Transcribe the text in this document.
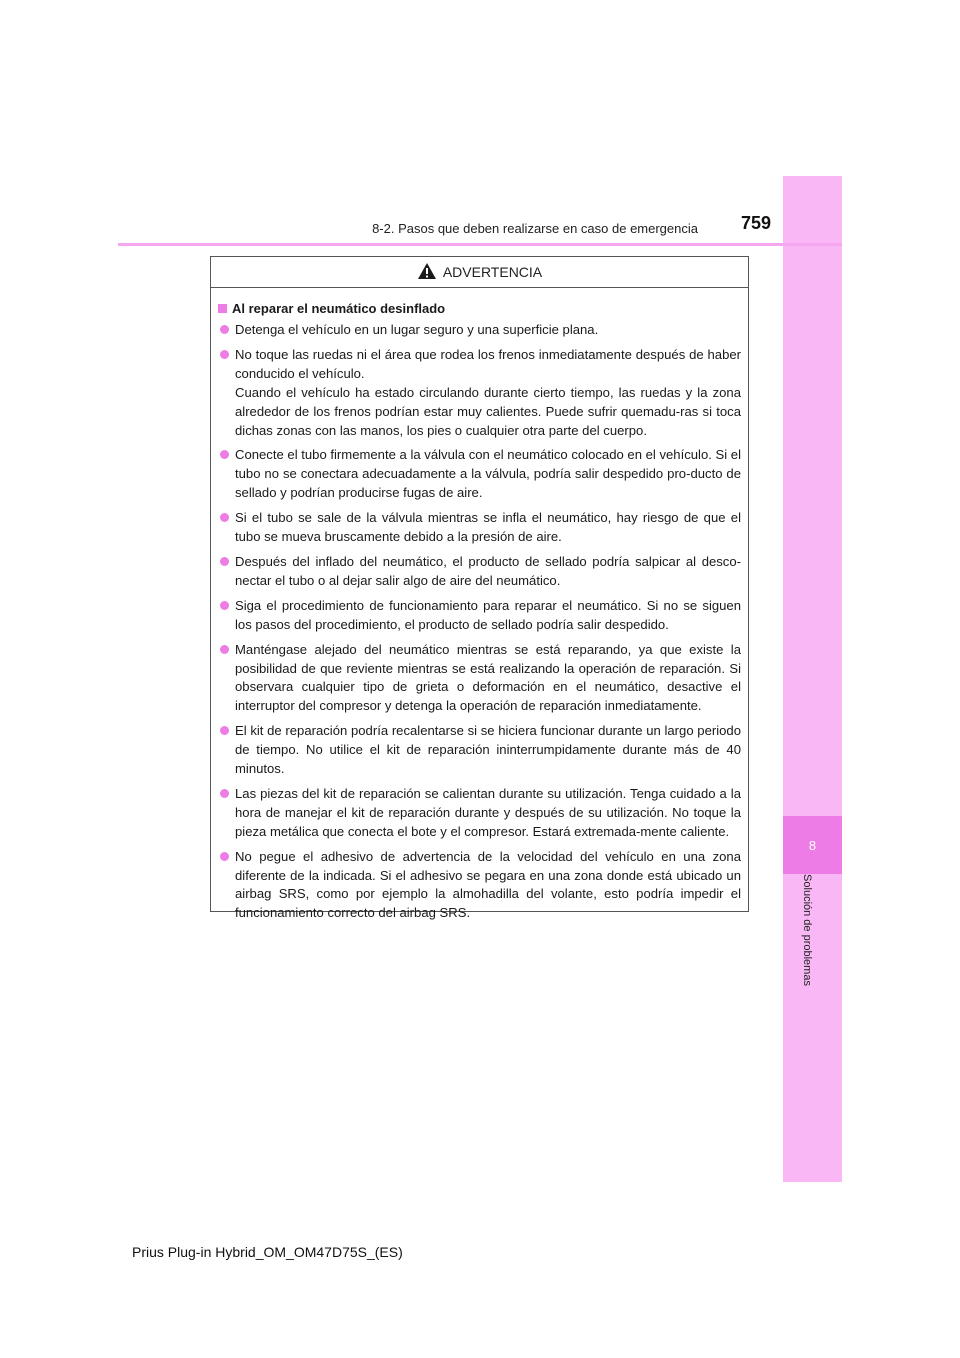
8
Solución de problemas
8-2. Pasos que deben realizarse en caso de emergencia 759
ADVERTENCIA
Al reparar el neumático desinflado
Detenga el vehículo en un lugar seguro y una superficie plana.
No toque las ruedas ni el área que rodea los frenos inmediatamente después de haber conducido el vehículo.
Cuando el vehículo ha estado circulando durante cierto tiempo, las ruedas y la zona alrededor de los frenos podrían estar muy calientes. Puede sufrir quemadu-ras si toca dichas zonas con las manos, los pies o cualquier otra parte del cuerpo.
Conecte el tubo firmemente a la válvula con el neumático colocado en el vehículo. Si el tubo no se conectara adecuadamente a la válvula, podría salir despedido pro-ducto de sellado y podrían producirse fugas de aire.
Si el tubo se sale de la válvula mientras se infla el neumático, hay riesgo de que el tubo se mueva bruscamente debido a la presión de aire.
Después del inflado del neumático, el producto de sellado podría salpicar al desco-nectar el tubo o al dejar salir algo de aire del neumático.
Siga el procedimiento de funcionamiento para reparar el neumático. Si no se siguen los pasos del procedimiento, el producto de sellado podría salir despedido.
Manténgase alejado del neumático mientras se está reparando, ya que existe la posibilidad de que reviente mientras se está realizando la operación de reparación. Si observara cualquier tipo de grieta o deformación en el neumático, desactive el interruptor del compresor y detenga la operación de reparación inmediatamente.
El kit de reparación podría recalentarse si se hiciera funcionar durante un largo periodo de tiempo. No utilice el kit de reparación ininterrumpidamente durante más de 40 minutos.
Las piezas del kit de reparación se calientan durante su utilización. Tenga cuidado a la hora de manejar el kit de reparación durante y después de su utilización. No toque la pieza metálica que conecta el bote y el compresor. Estará extremada-mente caliente.
No pegue el adhesivo de advertencia de la velocidad del vehículo en una zona diferente de la indicada. Si el adhesivo se pegara en una zona donde está ubicado un airbag SRS, como por ejemplo la almohadilla del volante, esto podría impedir el funcionamiento correcto del airbag SRS.
Prius Plug-in Hybrid_OM_OM47D75S_(ES)
